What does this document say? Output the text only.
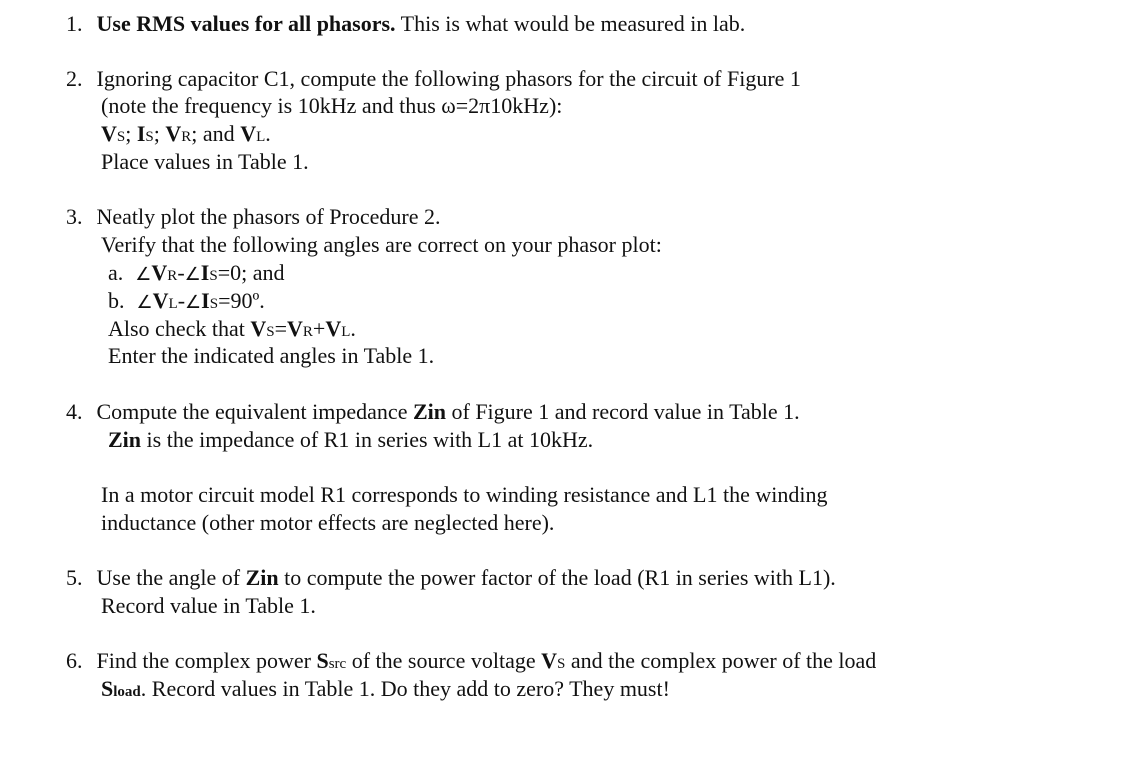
1. Use RMS values for all phasors. This is what would be measured in lab.
2. Ignoring capacitor C1, compute the following phasors for the circuit of Figure 1
(note the frequency is 10kHz and thus ω=2π10kHz):
VS; IS; VR; and VL.
Place values in Table 1.
3. Neatly plot the phasors of Procedure 2.
Verify that the following angles are correct on your phasor plot:
a. ∠VR-∠IS=0; and
b. ∠VL-∠IS=90º.
Also check that VS=VR+VL.
Enter the indicated angles in Table 1.
4. Compute the equivalent impedance Zin of Figure 1 and record value in Table 1.
Zin is the impedance of R1 in series with L1 at 10kHz.
In a motor circuit model R1 corresponds to winding resistance and L1 the winding
inductance (other motor effects are neglected here).
5. Use the angle of Zin to compute the power factor of the load (R1 in series with L1).
Record value in Table 1.
6. Find the complex power Ssrc of the source voltage VS and the complex power of the load
Sload. Record values in Table 1. Do they add to zero? They must!
